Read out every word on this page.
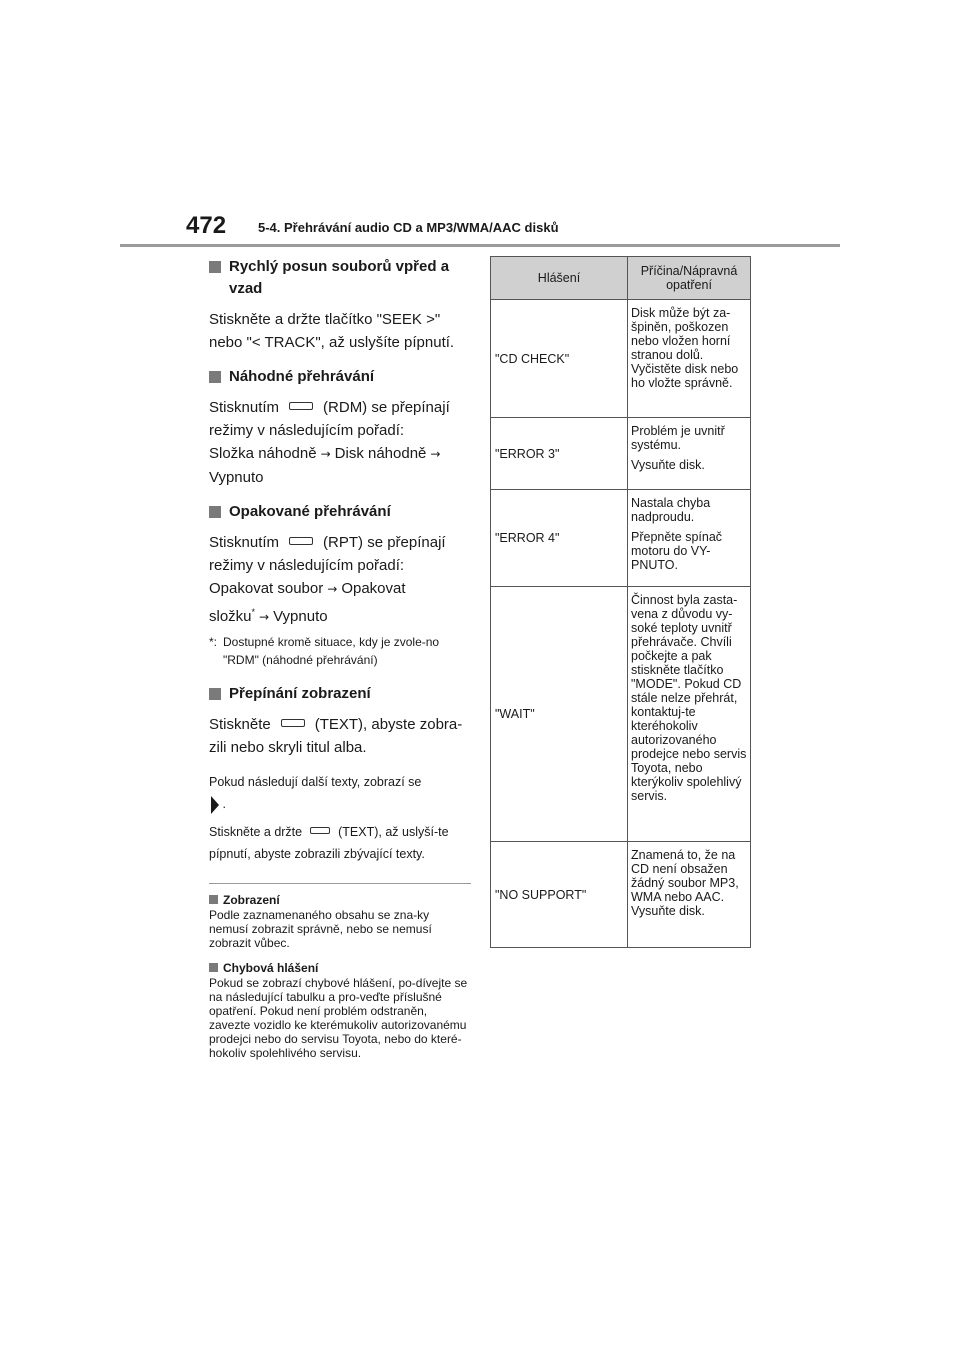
472 5-4. Přehrávání audio CD a MP3/WMA/AAC disků
Rychlý posun souborů vpřed a vzad
Stiskněte a držte tlačítko "SEEK >" nebo "< TRACK", až uslyšíte pípnutí.
Náhodné přehrávání
Stisknutím	(RDM) se přepínají režimy v následujícím pořadí:
Složka náhodně → Disk náhodně →
Vypnuto
Opakované přehrávání
Stisknutím	(RPT) se přepínají režimy v následujícím pořadí:
Opakovat soubor → Opakovat složku* → Vypnuto
*: Dostupné kromě situace, kdy je zvole-no "RDM" (náhodné přehrávání)
Přepínání zobrazení
Stiskněte	(TEXT), abyste zobra-zili nebo skryli titul alba.
Pokud následují další texty, zobrazí se
.
Stiskněte a držte	(TEXT), až uslyší-te pípnutí, abyste zobrazili zbývající texty.
Zobrazení
Podle zaznamenaného obsahu se zna-ky nemusí zobrazit správně, nebo se nemusí zobrazit vůbec.
Chybová hlášení
Pokud se zobrazí chybové hlášení, po-dívejte se na následující tabulku a pro-veďte příslušné opatření. Pokud není problém odstraněn, zavezte vozidlo ke kterémukoliv autorizovanému prodejci nebo do servisu Toyota, nebo do které-hokoliv spolehlivého servisu.
Hlášení	Příčina/Nápravná opatření
"CD CHECK"	Disk může být za-špiněn, poškozen nebo vložen horní stranou dolů. Vyčistěte disk nebo ho vložte správně.

"ERROR 3"	Problém je uvnitř systému.

Vysuňte disk.

"ERROR 4"	Nastala chyba nadproudu.

Přepněte spínač motoru do VY-PNUTO.

"WAIT"	Činnost byla zasta-vena z důvodu vy-soké teploty uvnitř přehrávače. Chvíli počkejte a pak stiskněte tlačítko "MODE". Pokud CD stále nelze přehrát, kontaktuj-te kteréhokoliv autorizovaného prodejce nebo servis Toyota, nebo kterýkoliv spolehlivý servis.

"NO SUPPORT"	Znamená to, že na CD není obsažen žádný soubor MP3, WMA nebo AAC. Vysuňte disk.
